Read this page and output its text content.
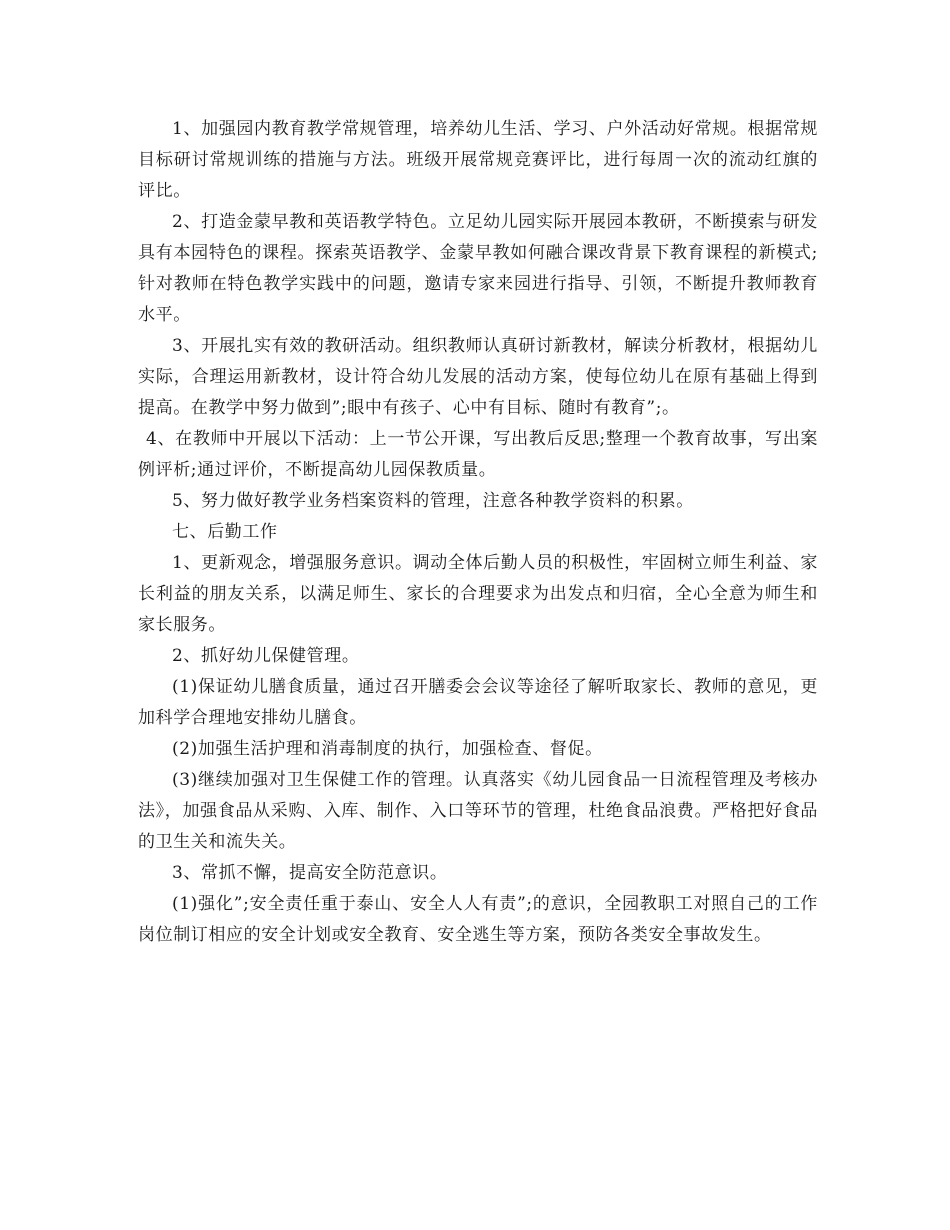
1、加强园内教育教学常规管理，培养幼儿生活、学习、户外活动好常规。根据常规目标研讨常规训练的措施与方法。班级开展常规竞赛评比，进行每周一次的流动红旗的评比。

2、打造金蒙早教和英语教学特色。立足幼儿园实际开展园本教研，不断摸索与研发具有本园特色的课程。探索英语教学、金蒙早教如何融合课改背景下教育课程的新模式;针对教师在特色教学实践中的问题，邀请专家来园进行指导、引领，不断提升教师教育水平。

3、开展扎实有效的教研活动。组织教师认真研讨新教材，解读分析教材，根据幼儿实际，合理运用新教材，设计符合幼儿发展的活动方案，使每位幼儿在原有基础上得到提高。在教学中努力做到”;眼中有孩子、心中有目标、随时有教育”;。

4、在教师中开展以下活动：上一节公开课，写出教后反思;整理一个教育故事，写出案例评析;通过评价，不断提高幼儿园保教质量。

5、努力做好教学业务档案资料的管理，注意各种教学资料的积累。

七、后勤工作

1、更新观念，增强服务意识。调动全体后勤人员的积极性，牢固树立师生利益、家长利益的朋友关系，以满足师生、家长的合理要求为出发点和归宿，全心全意为师生和家长服务。

2、抓好幼儿保健管理。

(1)保证幼儿膳食质量，通过召开膳委会会议等途径了解听取家长、教师的意见，更加科学合理地安排幼儿膳食。

(2)加强生活护理和消毒制度的执行，加强检查、督促。

(3)继续加强对卫生保健工作的管理。认真落实《幼儿园食品一日流程管理及考核办法》，加强食品从采购、入库、制作、入口等环节的管理，杜绝食品浪费。严格把好食品的卫生关和流失关。

3、常抓不懈，提高安全防范意识。

(1)强化”;安全责任重于泰山、安全人人有责”;的意识，全园教职工对照自己的工作岗位制订相应的安全计划或安全教育、安全逃生等方案，预防各类安全事故发生。
